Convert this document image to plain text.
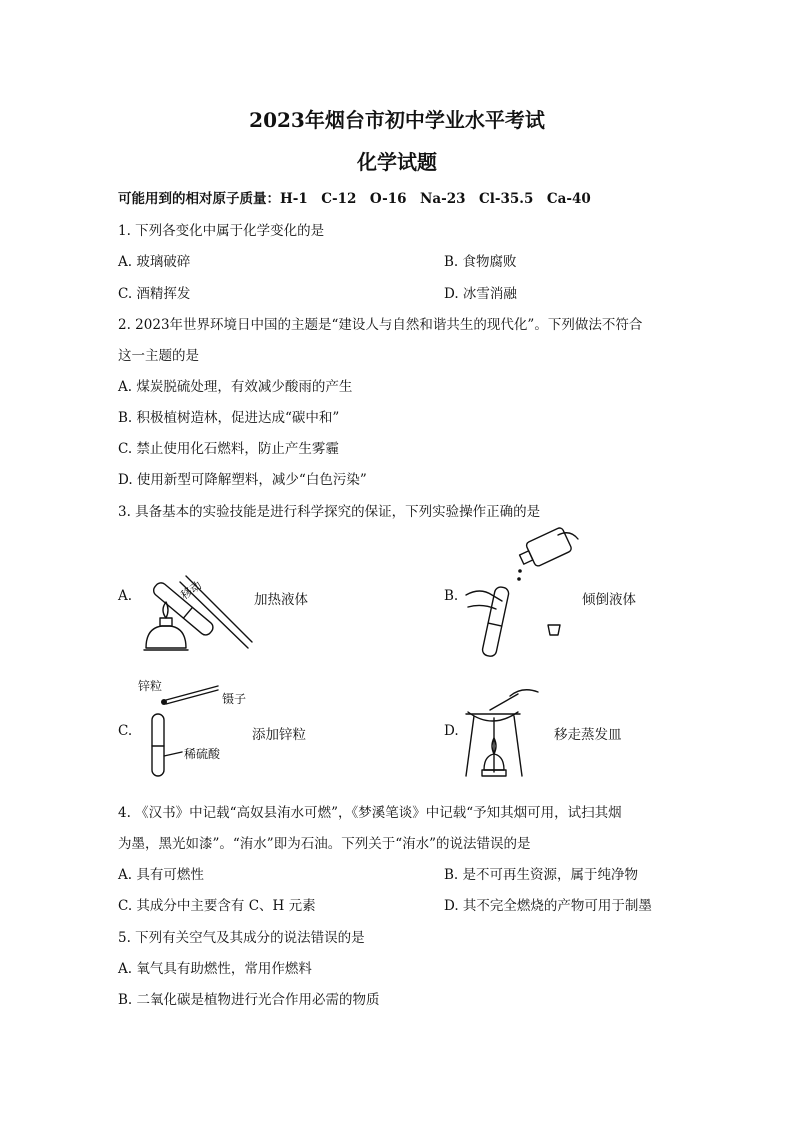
2023年烟台市初中学业水平考试
化学试题
可能用到的相对原子质量：H-1　C-12　O-16　Na-23　Cl-35.5　Ca-40
1. 下列各变化中属于化学变化的是
A. 玻璃破碎	B. 食物腐败
C. 酒精挥发	D. 冰雪消融
2. 2023年世界环境日中国的主题是“建设人与自然和谐共生的现代化”。下列做法不符合
这一主题的是
A. 煤炭脱硫处理，有效减少酸雨的产生
B. 积极植树造林，促进达成“碳中和”
C. 禁止使用化石燃料，防止产生雾霾
D. 使用新型可降解塑料，减少“白色污染”
3. 具备基本的实验技能是进行科学探究的保证，下列实验操作正确的是
A.	移动	加热液体	B.	倾倒液体
C.
锌粒
镊子
稀硫酸
添加锌粒	D.	移走蒸发皿
4. 《汉书》中记载“高奴县洧水可燃”，《梦溪笔谈》中记载“予知其烟可用，试扫其烟
为墨，黑光如漆”。“洧水”即为石油。下列关于“洧水”的说法错误的是
A. 具有可燃性	B. 是不可再生资源，属于纯净物
C. 其成分中主要含有 C、H 元素	D. 其不完全燃烧的产物可用于制墨
5. 下列有关空气及其成分的说法错误的是
A. 氧气具有助燃性，常用作燃料
B. 二氧化碳是植物进行光合作用必需的物质
